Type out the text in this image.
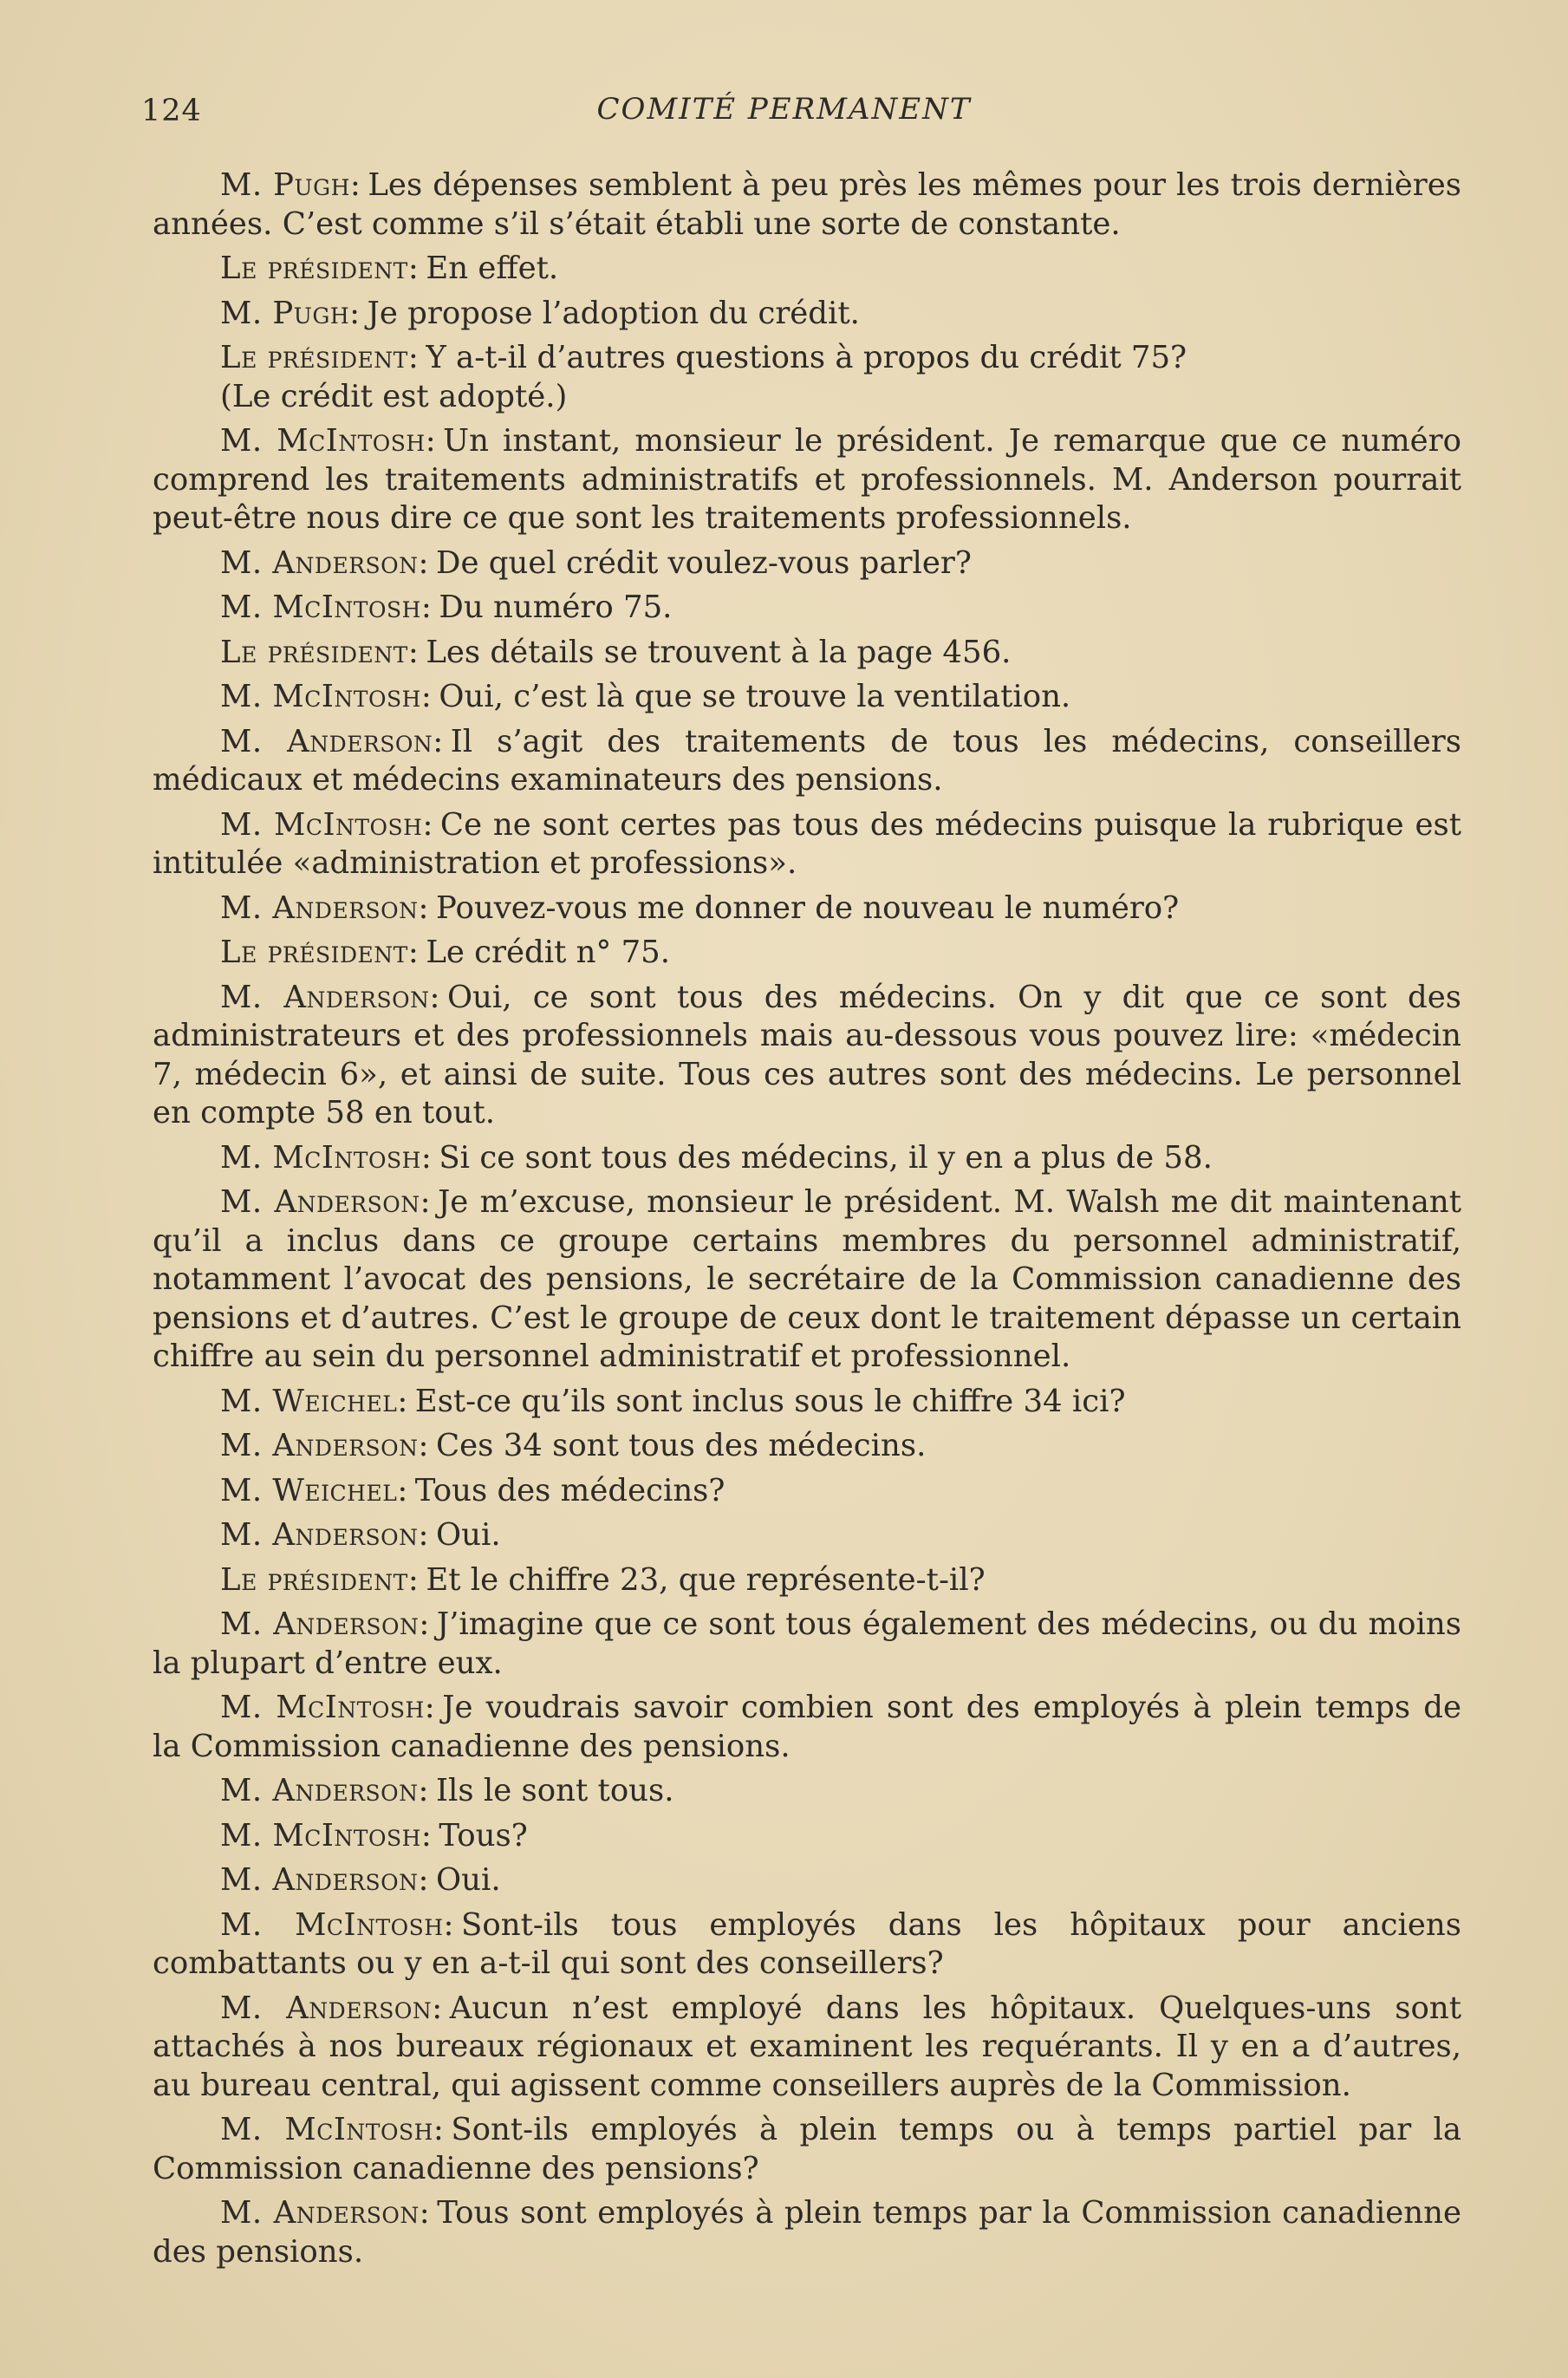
124	COMITÉ PERMANENT

M. Pugh: Les dépenses semblent à peu près les mêmes pour les trois dernières années. C’est comme s’il s’était établi une sorte de constante.

Le président: En effet.

M. Pugh: Je propose l’adoption du crédit.

Le président: Y a-t-il d’autres questions à propos du crédit 75?

(Le crédit est adopté.)

M. McIntosh: Un instant, monsieur le président. Je remarque que ce numéro comprend les traitements administratifs et professionnels. M. Anderson pourrait peut-être nous dire ce que sont les traitements professionnels.

M. Anderson: De quel crédit voulez-vous parler?

M. McIntosh: Du numéro 75.

Le président: Les détails se trouvent à la page 456.

M. McIntosh: Oui, c’est là que se trouve la ventilation.

M. Anderson: Il s’agit des traitements de tous les médecins, conseillers médicaux et médecins examinateurs des pensions.

M. McIntosh: Ce ne sont certes pas tous des médecins puisque la rubrique est intitulée «administration et professions».

M. Anderson: Pouvez-vous me donner de nouveau le numéro?

Le président: Le crédit n° 75.

M. Anderson: Oui, ce sont tous des médecins. On y dit que ce sont des administrateurs et des professionnels mais au-dessous vous pouvez lire: «médecin 7, médecin 6», et ainsi de suite. Tous ces autres sont des médecins. Le personnel en compte 58 en tout.

M. McIntosh: Si ce sont tous des médecins, il y en a plus de 58.

M. Anderson: Je m’excuse, monsieur le président. M. Walsh me dit maintenant qu’il a inclus dans ce groupe certains membres du personnel administratif, notamment l’avocat des pensions, le secrétaire de la Commission canadienne des pensions et d’autres. C’est le groupe de ceux dont le traitement dépasse un certain chiffre au sein du personnel administratif et professionnel.

M. Weichel: Est-ce qu’ils sont inclus sous le chiffre 34 ici?

M. Anderson: Ces 34 sont tous des médecins.

M. Weichel: Tous des médecins?

M. Anderson: Oui.

Le président: Et le chiffre 23, que représente-t-il?

M. Anderson: J’imagine que ce sont tous également des médecins, ou du moins la plupart d’entre eux.

M. McIntosh: Je voudrais savoir combien sont des employés à plein temps de la Commission canadienne des pensions.

M. Anderson: Ils le sont tous.

M. McIntosh: Tous?

M. Anderson: Oui.

M. McIntosh: Sont-ils tous employés dans les hôpitaux pour anciens combattants ou y en a-t-il qui sont des conseillers?

M. Anderson: Aucun n’est employé dans les hôpitaux. Quelques-uns sont attachés à nos bureaux régionaux et examinent les requérants. Il y en a d’autres, au bureau central, qui agissent comme conseillers auprès de la Commission.

M. McIntosh: Sont-ils employés à plein temps ou à temps partiel par la Commission canadienne des pensions?

M. Anderson: Tous sont employés à plein temps par la Commission canadienne des pensions.
